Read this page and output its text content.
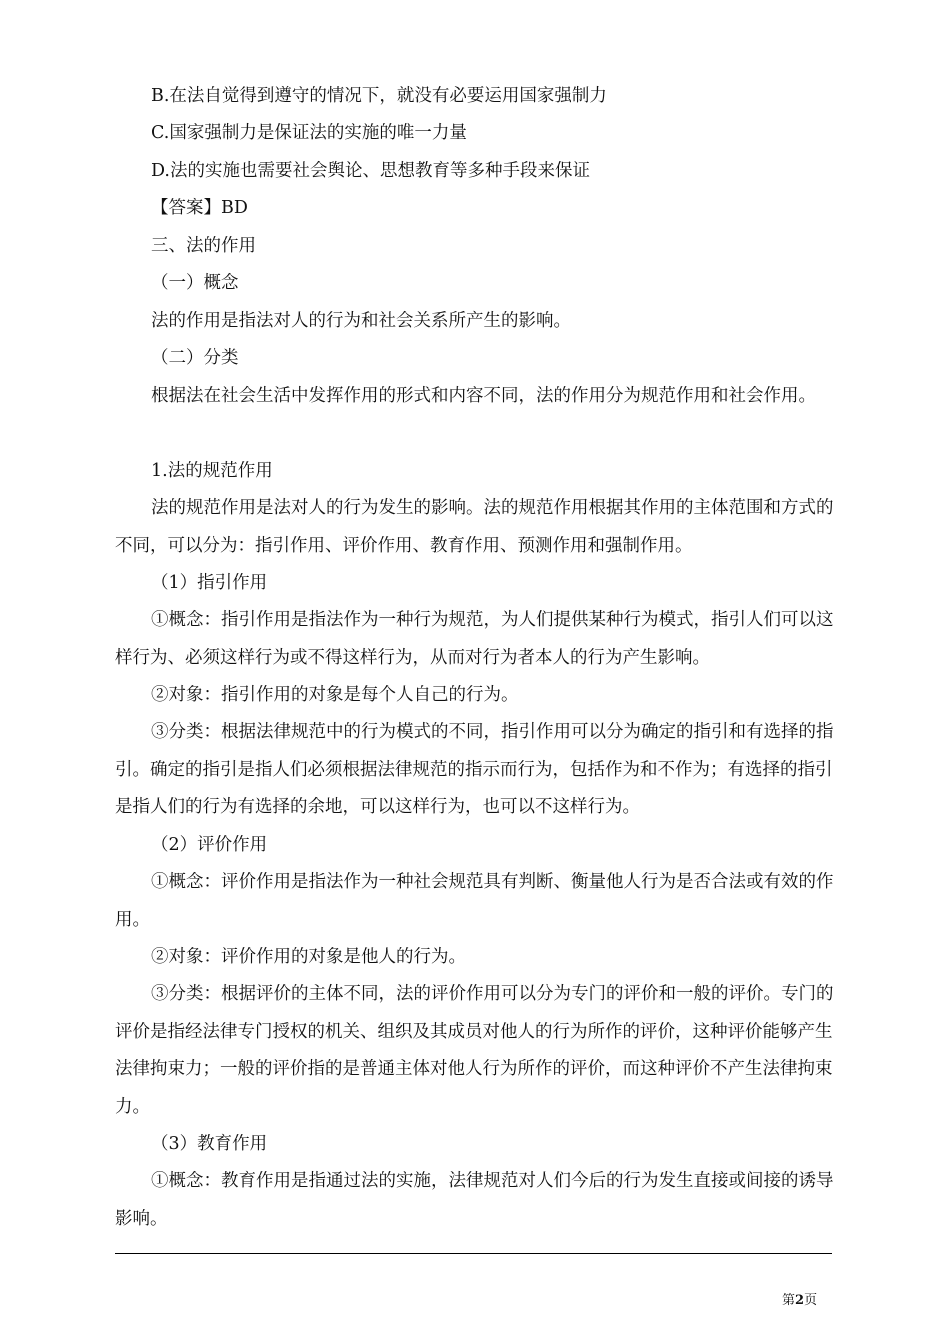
B.在法自觉得到遵守的情况下，就没有必要运用国家强制力

C.国家强制力是保证法的实施的唯一力量

D.法的实施也需要社会舆论、思想教育等多种手段来保证

【答案】BD

三、法的作用

（一）概念

法的作用是指法对人的行为和社会关系所产生的影响。

（二）分类

根据法在社会生活中发挥作用的形式和内容不同，法的作用分为规范作用和社会作用。

1.法的规范作用

法的规范作用是法对人的行为发生的影响。法的规范作用根据其作用的主体范围和方式的不同，可以分为：指引作用、评价作用、教育作用、预测作用和强制作用。

（1）指引作用

①概念：指引作用是指法作为一种行为规范，为人们提供某种行为模式，指引人们可以这样行为、必须这样行为或不得这样行为，从而对行为者本人的行为产生影响。

②对象：指引作用的对象是每个人自己的行为。

③分类：根据法律规范中的行为模式的不同，指引作用可以分为确定的指引和有选择的指引。确定的指引是指人们必须根据法律规范的指示而行为，包括作为和不作为；有选择的指引是指人们的行为有选择的余地，可以这样行为，也可以不这样行为。

（2）评价作用

①概念：评价作用是指法作为一种社会规范具有判断、衡量他人行为是否合法或有效的作用。

②对象：评价作用的对象是他人的行为。

③分类：根据评价的主体不同，法的评价作用可以分为专门的评价和一般的评价。专门的评价是指经法律专门授权的机关、组织及其成员对他人的行为所作的评价，这种评价能够产生法律拘束力；一般的评价指的是普通主体对他人行为所作的评价，而这种评价不产生法律拘束力。

（3）教育作用

①概念：教育作用是指通过法的实施，法律规范对人们今后的行为发生直接或间接的诱导影响。

第2页
